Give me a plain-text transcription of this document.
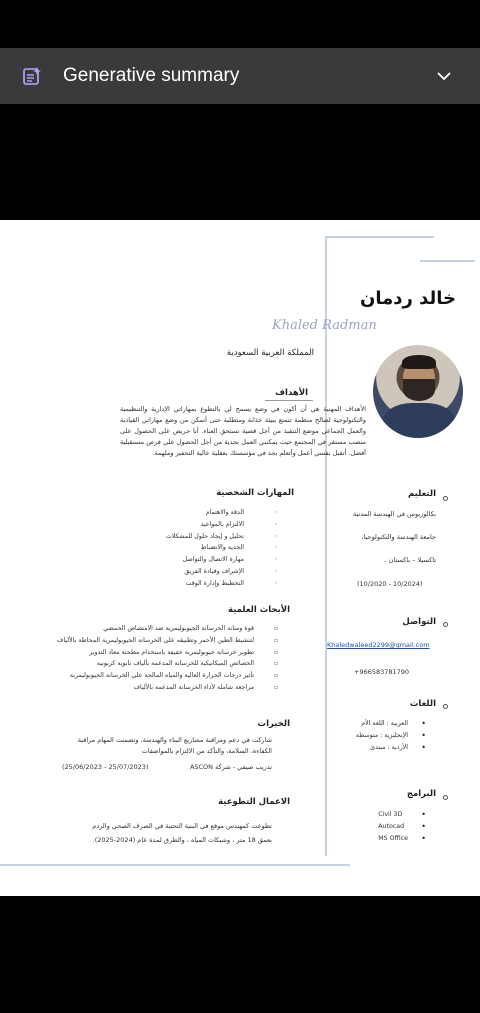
Generative summary
خالد ردمان
Khaled Radman
المملكة العربية السعودية
الأهداف
الأهداف المهنية هي أن أكون في وضع يسمح لي بالتطوع بمهاراتي الإدارية والتنظيمية والتكنولوجية لصالح منظمة تتمتع ببيئة جذابة ومتطلبة حتى أتمكن من وضع مهاراتي القيادية والعمل الجماعي موضع التنفيذ من أجل قضية تستحق العناء. أنا حريص على الحصول على منصب مستقر في المجتمع حيث يمكنني العمل بجدية من أجل الحصول على فرص مستقبلية أفضل. أتقبل نفسي أعمل وأتعلم بجد في مؤسستك بعقلية عالية التحفيز وملهمة.
التعليم
بكالوريوس في الهندسة المدنية
جامعة الهندسة والتكنولوجيا،
تاكسيلا – باكستان .
(10/2020 - 10/2024)
التواصل
Khaledwaleed2299@gmail.com
+966583781790
اللغات
• العربية : اللغة الأم
• الإنجليزية : متوسطة
• الأردية : مبتدئ
البرامج
• Civil 3D
• Autocad
• MS Office
المهارات الشخصية
◦ الدقة والاهتمام
◦ الالتزام بالمواعيد
◦ تحليل و إيجاد حلول للمشكلات
◦ الجدية والانضباط
◦ مهارة الاتصال والتواصل
◦ الإشراف وقيادة الفريق
◦ التخطيط وإدارة الوقت
الأبحاث العلمية
▫ قوة ومتانة الخرسانة الجيوبوليمرية ضد الامتصاص الحمضي
▫ لتنشيط الطين الأحمر وتطبيقه على الخرسانة الجيوبوليمرية المحاطة بالألياف
▫ تطوير خرسانة جيوبوليمرية خفيفة باستخدام مطحنة معاد التدوير
▫ الخصائص الميكانيكية للخرسانة المدعمة بألياف نانوية كربونية
▫ تأثير درجات الحرارة العالية والمياه المالحة على الخرسانة الجيوبوليمرية
▫ مراجعة شاملة لأداء الخرسانة المدعمة بالألياف
الخبرات
شاركت في دعم ومراقبة مشاريع البناء والهندسة، وتضمنت المهام مراقبة الكفاءة، السلامة، والتأكد من الالتزام بالمواصفات
تدريب صيفي - شركة ASCON
(25/06/2023 - 25/07/2023)
الاعمال التطوعية
تطوعت كمهندس موقع في البنية التحتية في الصرف الصحي والردم
بعمق 18 متر ، وشبكات المياه ، والطرق لمدة عام (2024-2025).
